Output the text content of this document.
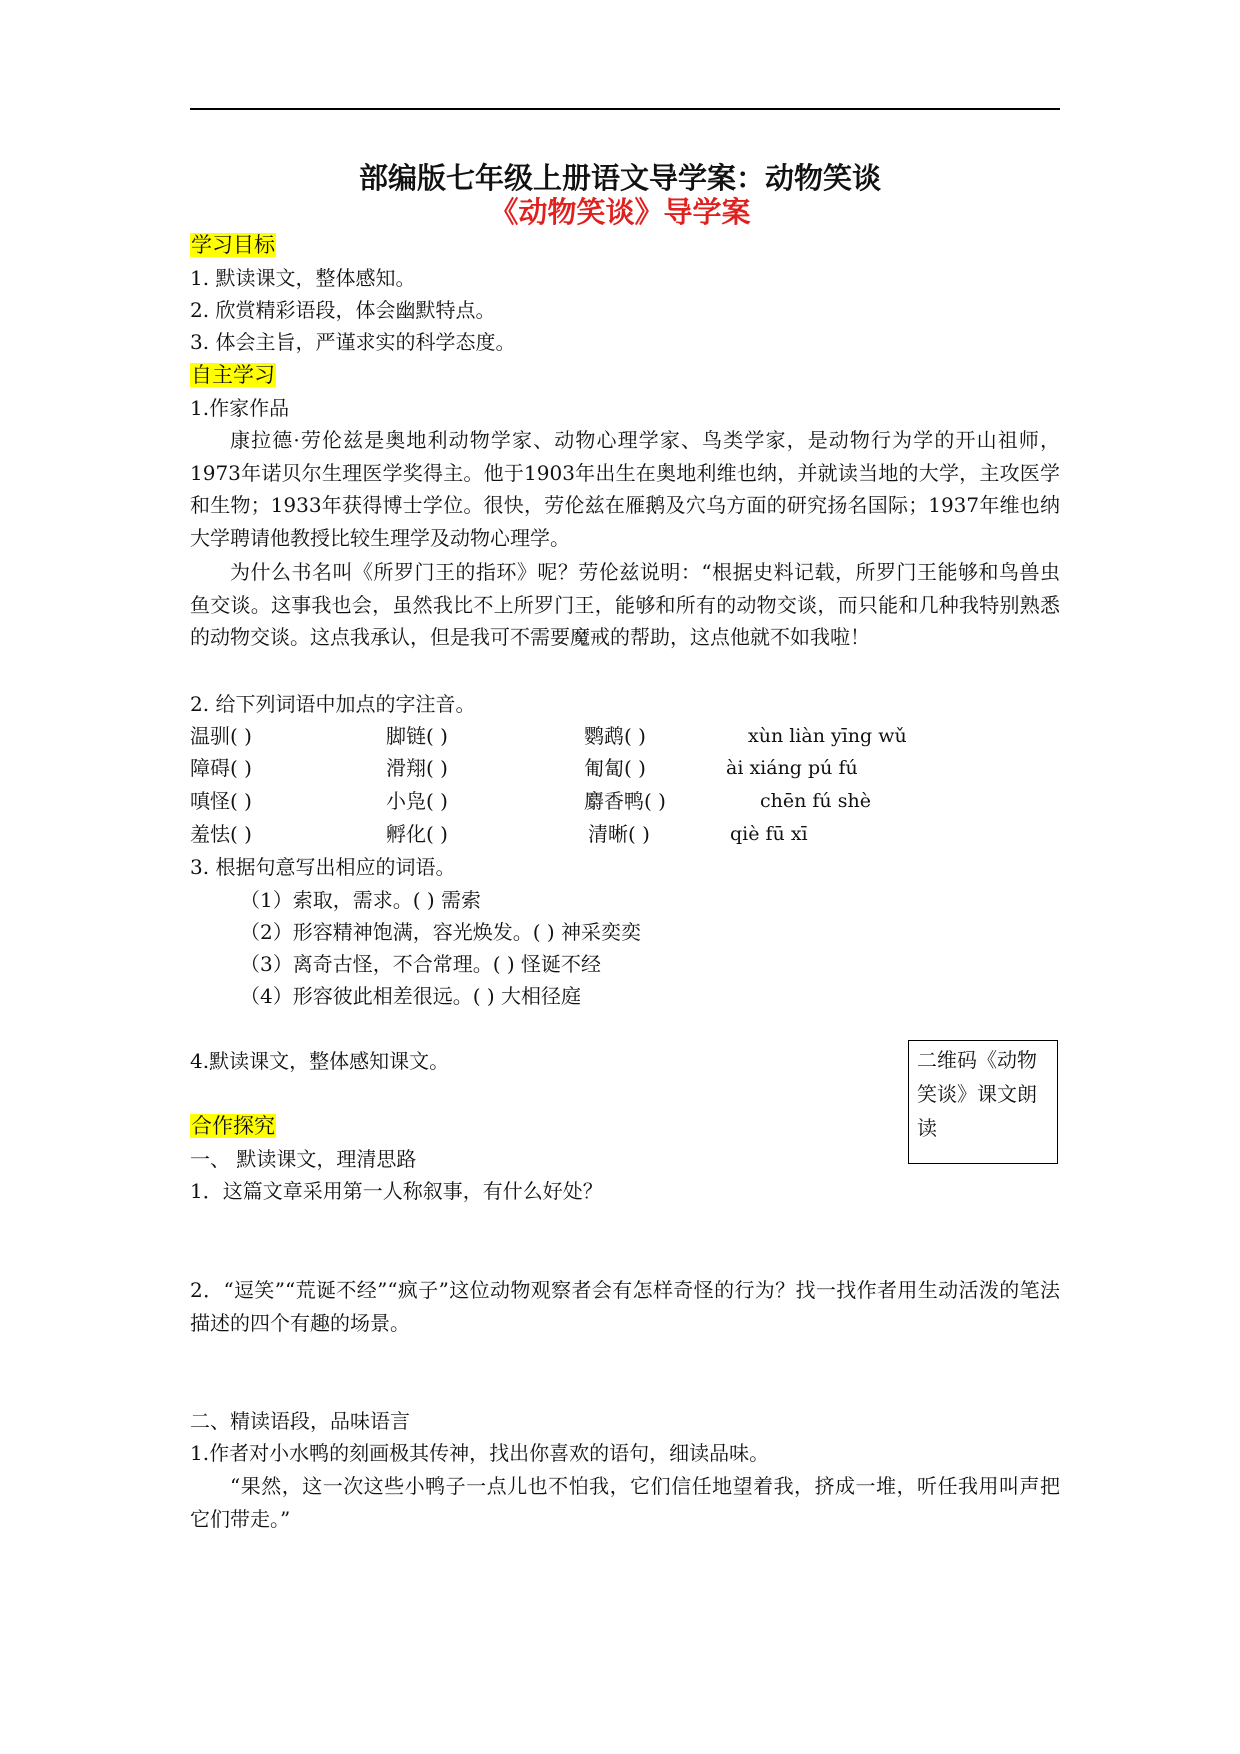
部编版七年级上册语文导学案：动物笑谈
《动物笑谈》导学案
学习目标
1. 默读课文，整体感知。
2. 欣赏精彩语段，体会幽默特点。
3. 体会主旨，严谨求实的科学态度。
自主学习
1.作家作品
康拉德·劳伦兹是奥地利动物学家、动物心理学家、鸟类学家，是动物行为学的开山祖师，1973年诺贝尔生理医学奖得主。他于1903年出生在奥地利维也纳，并就读当地的大学，主攻医学和生物；1933年获得博士学位。很快，劳伦兹在雁鹅及穴乌方面的研究扬名国际；1937年维也纳大学聘请他教授比较生理学及动物心理学。
为什么书名叫《所罗门王的指环》呢？劳伦兹说明：“根据史料记载，所罗门王能够和鸟兽虫鱼交谈。这事我也会，虽然我比不上所罗门王，能够和所有的动物交谈，而只能和几种我特别熟悉的动物交谈。这点我承认，但是我可不需要魔戒的帮助，这点他就不如我啦！
2. 给下列词语中加点的字注音。
温驯( )	脚链( )	鹦鹉( )	xùn liàn yīng wǔ
障碍( )	滑翔( )	匍匐( )	ài xiáng pú fú
嗔怪( )	小凫( )	麝香鸭( )	chēn fú shè
羞怯( )	孵化( )	清晰( )	qiè fū xī
3. 根据句意写出相应的词语。
（1）索取，需求。( ) 需索
（2）形容精神饱满，容光焕发。( ) 神采奕奕
（3）离奇古怪，不合常理。( ) 怪诞不经
（4）形容彼此相差很远。( ) 大相径庭
4.默读课文，整体感知课文。	二维码《动物笑谈》课文朗读
合作探究
一、 默读课文，理清思路
1．这篇文章采用第一人称叙事，有什么好处？
2．“逗笑”“荒诞不经”“疯子”这位动物观察者会有怎样奇怪的行为？找一找作者用生动活泼的笔法描述的四个有趣的场景。
二、精读语段，品味语言
1.作者对小水鸭的刻画极其传神，找出你喜欢的语句，细读品味。
“果然，这一次这些小鸭子一点儿也不怕我，它们信任地望着我，挤成一堆，听任我用叫声把它们带走。”
